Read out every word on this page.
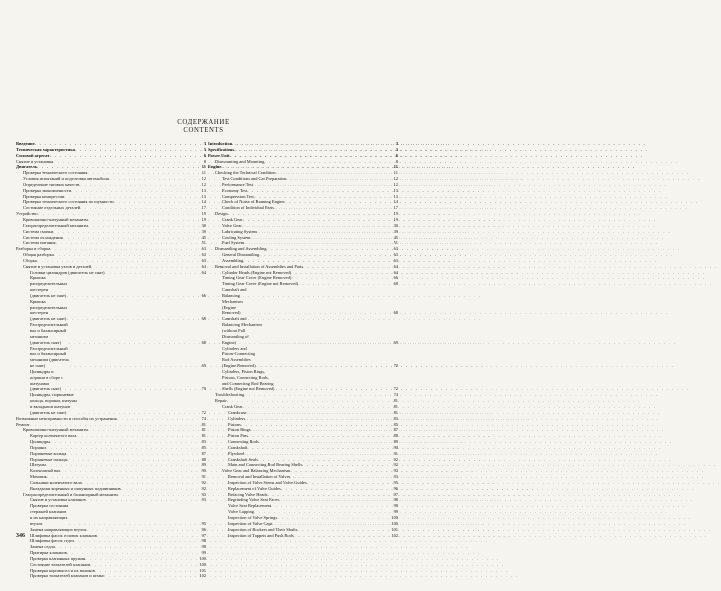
СОДЕРЖАНИЕ
CONTENTS
Введение . . .	3
Техническая характеристика . . .	3
Силовой агрегат . . .	6
Снятие и установка . . .	8
Двигатель . . .	11
Проверка технического состояния . . .	11
Условия испытаний и подготовка автомобиля . . .	12
Определение тяговых качеств . . .	12
Проверка экономичности . . .	13
Проверка компрессии . . .	13
Проверка технического состояния по шумности . . .	14
Состояние отдельных деталей . . .	17
Устройство . . .	19
Кривошипно-шатунный механизм . . .	19
Газораспределительный механизм . . .	30
Система смазки . . .	39
Система охлаждения . . .	45
Система питания . . .	51
Разборка и сборка . . .	63
Общая разборка . . .	63
Сборка . . .	63
Снятие и установка узлов и деталей . . .	64
Головки цилиндров (двигатель не снят) . . .	64
Крышка распределительных шестерен (двигатель не снят) . . .	66
Крышка распределительных шестерен (двигатель не снят) . . .	68
Распределительный вал и балансирный механизм (двигатель снят) . . .	68
Распределительный вал и балансирный механизм (двигатель не снят) . . .	69
Цилиндры и поршни в сборе с шатунами (двигатель снят) . . .	70
Цилиндры, поршневые кольца, поршни, шатуны и вкладыши шатунов (двигатель не снят) . . .	72
Возможные неисправности и способы их устранения . . .	74
Ремонт . . .	81
Кривошипно-шатунный механизм . . .	81
Картер коленчатого вала . . .	81
Цилиндры . . .	83
Поршни . . .	85
Поршневые кольца . . .	87
Поршневые пальцы . . .	88
Шатуны . . .	89
Коленчатый вал . . .	90
Маховик . . .	91
Сальники коленчатого вала . . .	92
Вкладыши коренных и шатунных подшипников . . .	92
Газораспределительный и балансирный механизм . . .	93
Снятие и установка клапанов . . .	93
Проверка состояния стержней клапанов и их направляющих втулок . . .	95
Замена направляющих втулок . . .	96
Шлифовка фасок головок клапанов . . .	97
Шлифовка фасок седел . . .	98
Замена седла . . .	98
Притирка клапанов . . .	99
Проверка клапанных пружин . . .	100
Состояние толкателей клапанов . . .	100
Проверка коромысел и их валиков . . .	101
Проверка толкателей клапанов и штанг . . .	102
Introduction . . .	3
Specifications . . .	3
Power Unit . . .	6
Dismounting and Mounting . . .	8
Engine . . .	11
Checking the Technical Condition . . .	11
Test Conditions and Car Preparation . . .	12
Performance Test . . .	12
Economy Test . . .	13
Compression Test . . .	13
Check of Noise of Running Engine . . .	14
Condition of Individual Parts . . .	17
Design . . .	19
Crank Gear . . .	19
Valve Gear . . .	30
Lubricating System . . .	39
Cooling System . . .	45
Fuel System . . .	51
Dismantling and Assembling . . .	63
General Dismantling . . .	63
Assembling . . .	63
Removal and Installation of Assemblies and Parts . . .	64
Cylinder Heads (Engine not Removed) . . .	64
Timing Gear Cover (Engine Removed) . . .	66
Timing Gear Cover (Engine not Removed) . . .	68
Camshaft and Balancing Mechanism (Engine Removed) . . .	68
Camshaft and Balancing Mechanism (without Full Dismantling of Engine) . . .	69
Cylinders and Piston-Connecting Rod Assemblies (Engine Removed) . . .	70
Cylinders, Piston Rings, Pistons, Connecting Rods, and Connecting Rod Bearing Shells (Engine not Removed) . . .	72
Troubleshooting . . .	74
Repair . . .	81
Crank Gear . . .	81
Crankcase . . .	81
Cylinders . . .	83
Pistons . . .	85
Piston Rings . . .	87
Piston Pins . . .	88
Connecting Rods . . .	89
Crankshaft . . .	90
Flywheel . . .	91
Crankshaft Seals . . .	92
Main and Connecting Rod Bearing Shells . . .	92
Valve Gear and Balancing Mechanism . . .	93
Removal and Installation of Valves . . .	93
Inspection of Valve Stems and Valve Guides . . .	95
Replacement of Valve Guides . . .	96
Refacing Valve Heads . . .	97
Regrinding Valve Seat Faces . . .	98
Valve Seat Replacement . . .	98
Valve Lapping . . .	99
Inspection of Valve Springs . . .	100
Inspection of Valve Caps . . .	100
Inspection of Rockers and Their Shafts . . .	101
Inspection of Tappets and Push Rods . . .	102
346
